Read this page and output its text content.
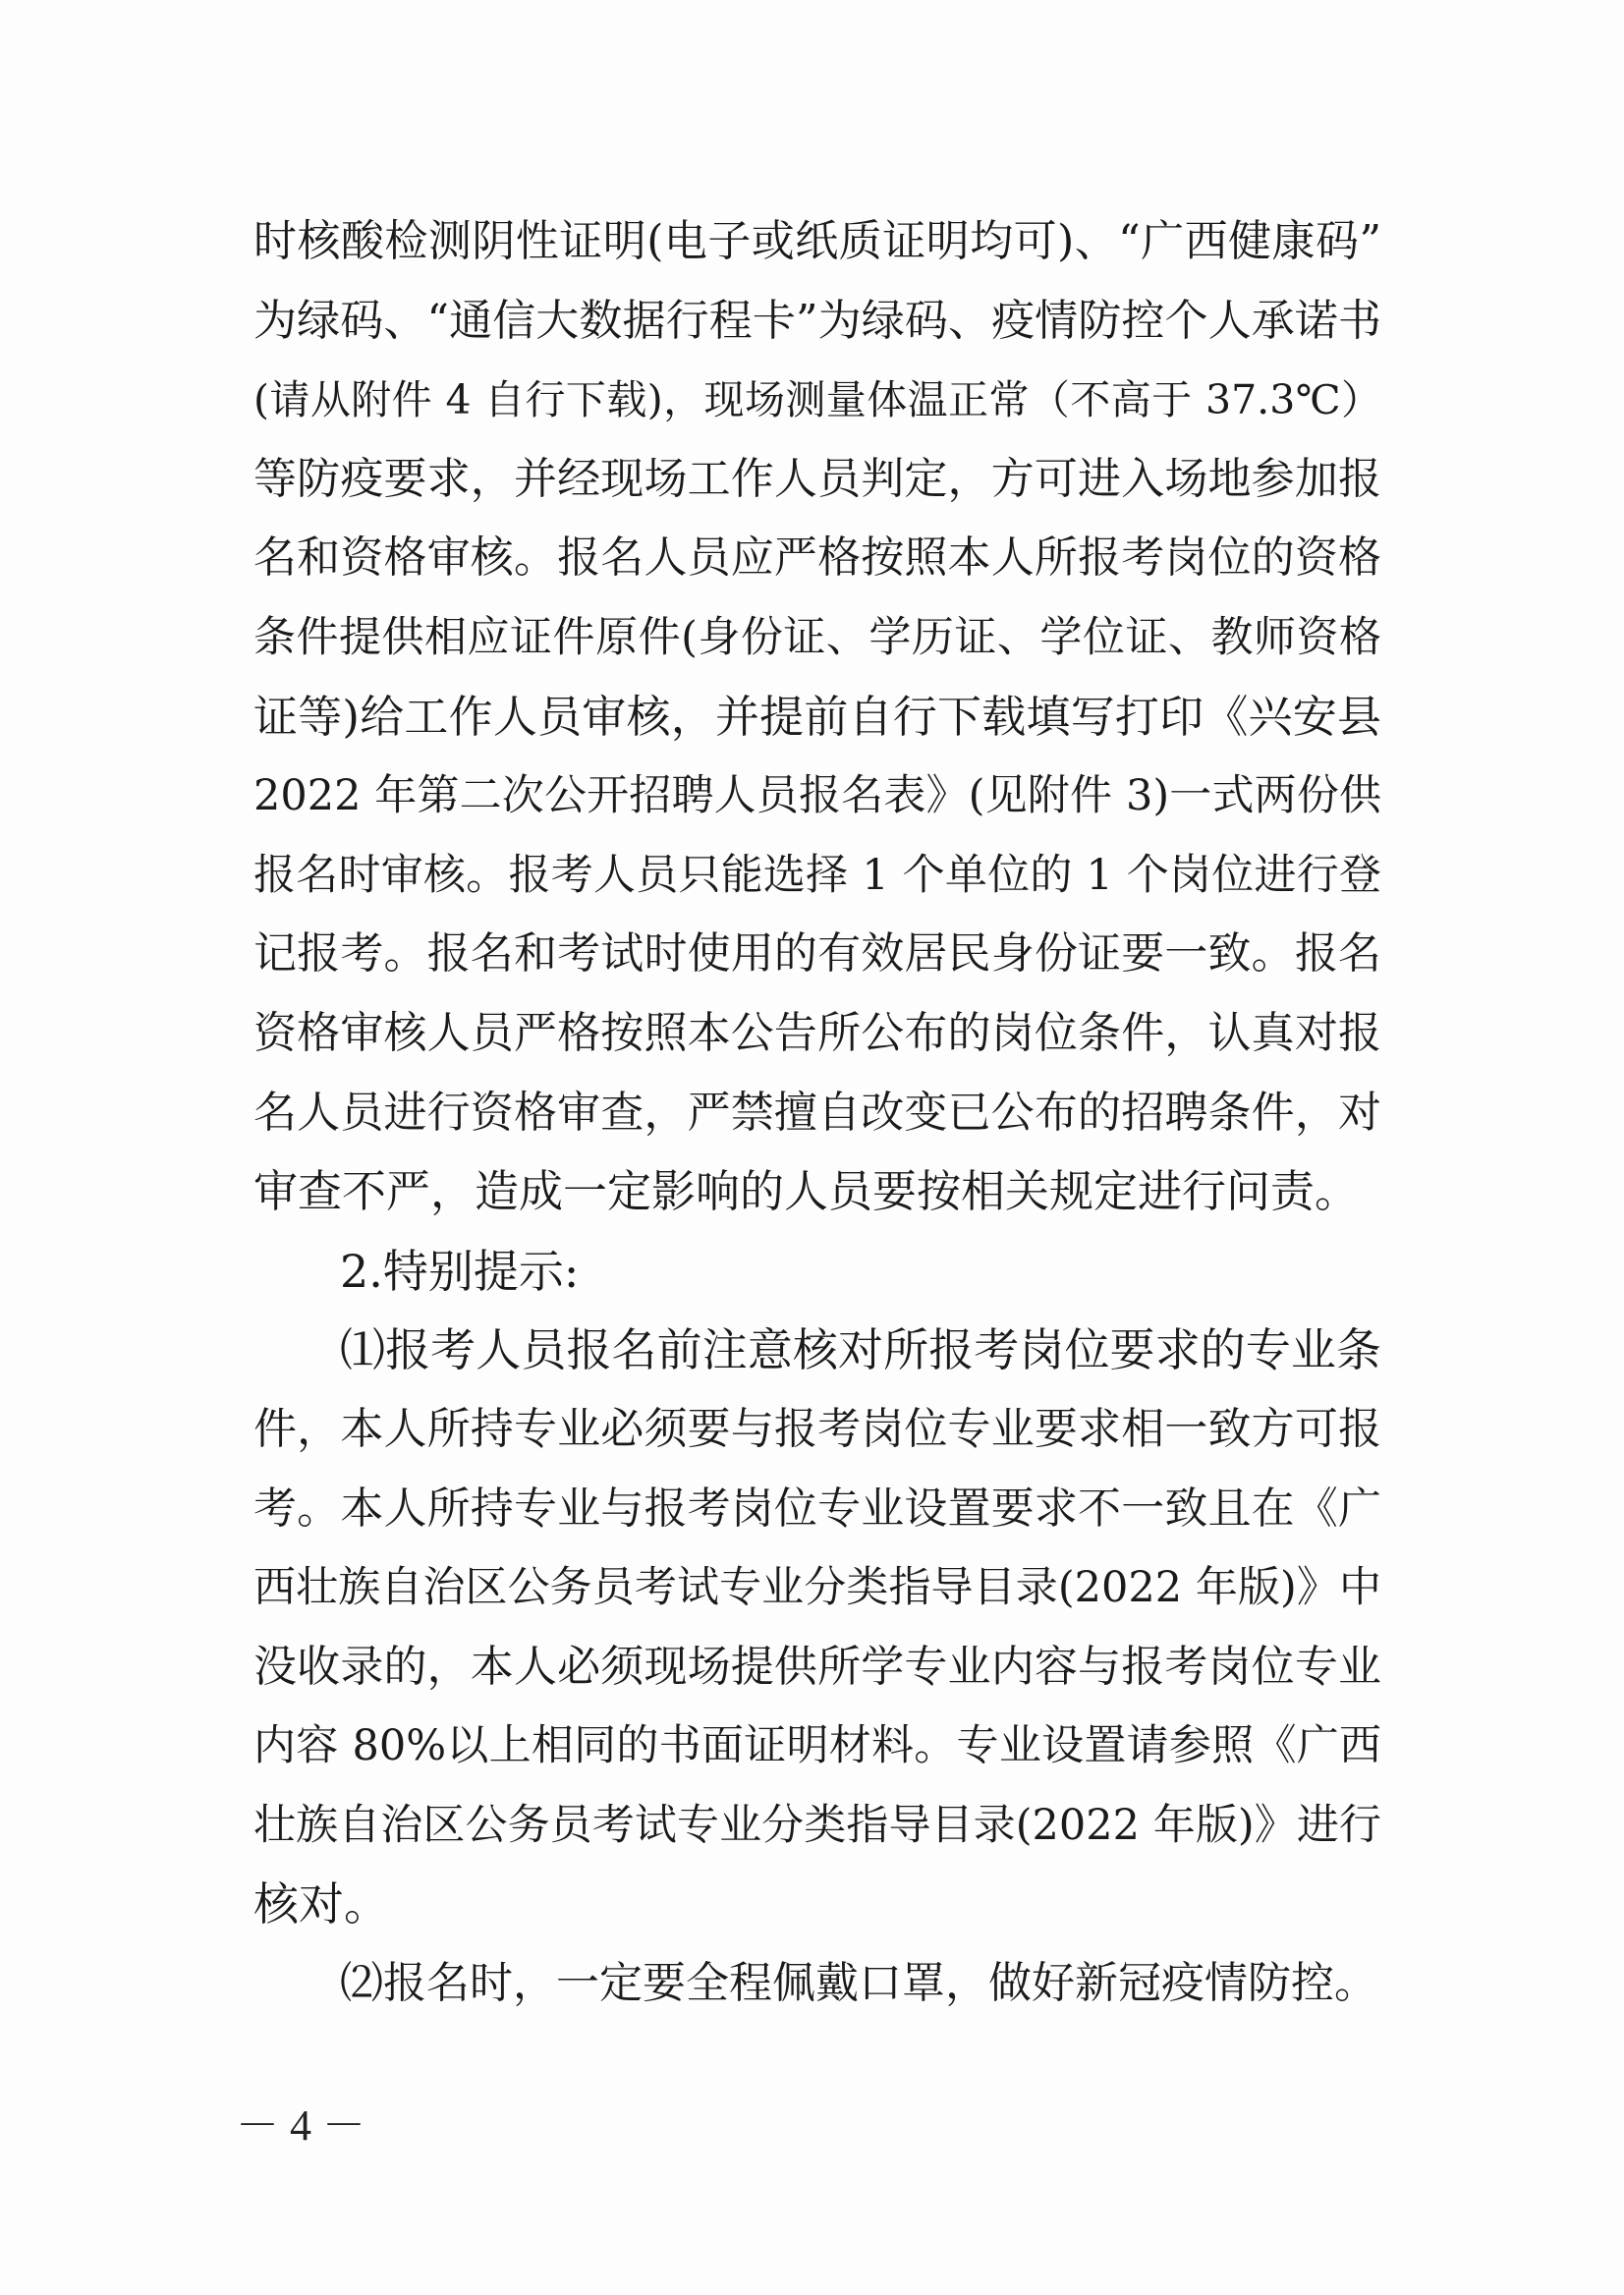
时核酸检测阴性证明(电子或纸质证明均可)、“广西健康码”
为绿码、“通信大数据行程卡”为绿码、疫情防控个人承诺书
(请从附件 4 自行下载)，现场测量体温正常（不高于 37.3℃）
等防疫要求，并经现场工作人员判定，方可进入场地参加报
名和资格审核。报名人员应严格按照本人所报考岗位的资格
条件提供相应证件原件(身份证、学历证、学位证、教师资格
证等)给工作人员审核，并提前自行下载填写打印《兴安县
2022 年第二次公开招聘人员报名表》(见附件 3)一式两份供
报名时审核。报考人员只能选择 1 个单位的 1 个岗位进行登
记报考。报名和考试时使用的有效居民身份证要一致。报名
资格审核人员严格按照本公告所公布的岗位条件，认真对报
名人员进行资格审查，严禁擅自改变已公布的招聘条件，对
审查不严，造成一定影响的人员要按相关规定进行问责。
2.特别提示:
⑴报考人员报名前注意核对所报考岗位要求的专业条
件，本人所持专业必须要与报考岗位专业要求相一致方可报
考。本人所持专业与报考岗位专业设置要求不一致且在《广
西壮族自治区公务员考试专业分类指导目录(2022 年版)》中
没收录的，本人必须现场提供所学专业内容与报考岗位专业
内容 80%以上相同的书面证明材料。专业设置请参照《广西
壮族自治区公务员考试专业分类指导目录(2022 年版)》进行
核对。
⑵报名时，一定要全程佩戴口罩，做好新冠疫情防控。
－ 4 －
